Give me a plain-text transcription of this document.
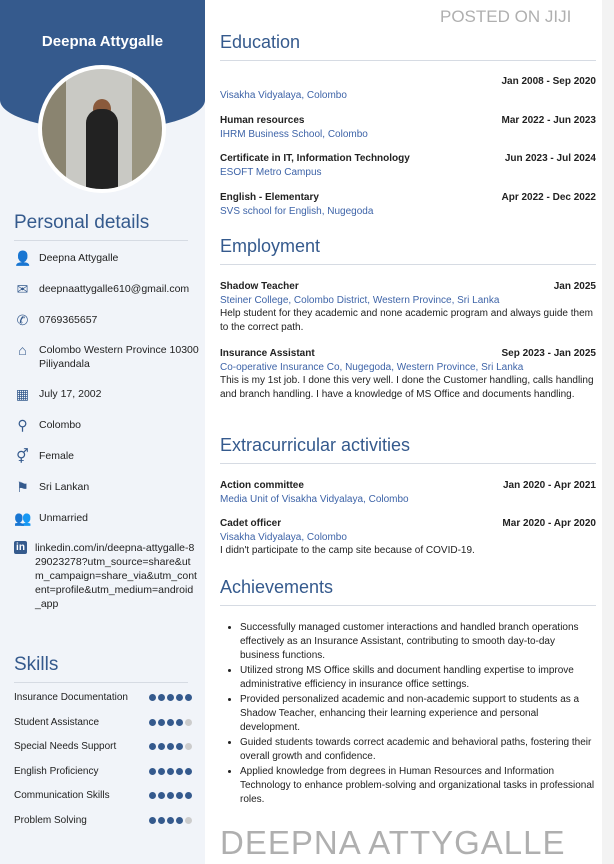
Deepna Attygalle
Personal details
Skills
Education
Employment
Extracurricular activities
Achievements
• Successfully managed customer interactions and handled branch operations effectively as an Insurance Assistant, contributing to smooth day-to-day business functions.
• Utilized strong MS Office skills and document handling expertise to improve administrative efficiency in insurance office settings.
• Provided personalized academic and non-academic support to students as a Shadow Teacher, enhancing their learning experience and personal development.
• Guided students towards correct academic and behavioral paths, fostering their overall growth and confidence.
• Applied knowledge from degrees in Human Resources and Information Technology to enhance problem-solving and organizational tasks in professional roles.
POSTED ON JIJI
DEEPNA ATTYGALLE
👤 Deepna Attygalle
✉ deepnaattygalle610@gmail.com
✆ 0769365657
⌂	Colombo Western Province 10300 Piliyandala
▦ July 17, 2002
⚲	Colombo
⚥ Female
⚑ Sri Lankan
👥 Unmarried
in linkedin.com/in/deepna-attygalle-829023278?utm_source=share&utm_campaign=share_via&utm_content=profile&utm_medium=android_app
Insurance Documentation
Student Assistance
Special Needs Support
English Proficiency
Communication Skills
Problem Solving
Jan 2008 - Sep 2020
Visakha Vidyalaya, Colombo
Human resources	Mar 2022 - Jun 2023
IHRM Business School, Colombo
Certificate in IT, Information Technology	Jun 2023 - Jul 2024
ESOFT Metro Campus
English - Elementary	Apr 2022 - Dec 2022
SVS school for English, Nugegoda
Shadow Teacher	Jan 2025
Steiner College, Colombo District, Western Province, Sri Lanka
Help student for they academic and none academic program and always guide them to the correct path.
Insurance Assistant	Sep 2023 - Jan 2025
Co-operative Insurance Co, Nugegoda, Western Province, Sri Lanka
This is my 1st job. I done this very well. I done the Customer handling, calls handling and branch handling. I have a knowledge of MS Office and documents handling.
Action committee	Jan 2020 - Apr 2021
Media Unit of Visakha Vidyalaya, Colombo
Cadet officer	Mar 2020 - Apr 2020
Visakha Vidyalaya, Colombo
I didn't participate to the camp site because of COVID-19.
